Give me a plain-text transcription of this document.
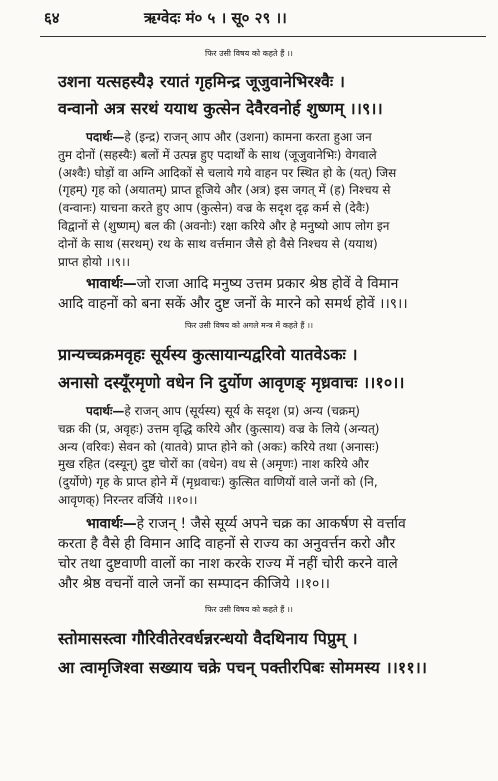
६४	ऋग्वेदः मं० ५ । सू० २९ ।।
फिर उसी विषय को कहते हैं ।।
उशना यत्सहस्यै३ रयातं गृहमिन्द्र जूजुवानेभिरश्वैः ।
वन्वानो अत्र सरथं ययाथ कुत्सेन देवैरवनोर्ह शुष्णम् ।।९।।
पदार्थः—हे (इन्द्र) राजन् आप और (उशना) कामना करता हुआ जन
तुम दोनों (सहस्यैः) बलों में उत्पन्न हुए पदार्थों के साथ (जूजुवानेभिः) वेगवाले
(अश्वैः) घोड़ों वा अग्नि आदिकों से चलाये गये वाहन पर स्थित हो के (यत्) जिस
(गृहम्) गृह को (अयातम्) प्राप्त हूजिये और (अत्र) इस जगत् में (ह) निश्चय से
(वन्वानः) याचना करते हुए आप (कुत्सेन) वज्र के सदृश दृढ़ कर्म से (देवैः)
विद्वानों से (शुष्णम्) बल की (अवनोः) रक्षा करिये और हे मनुष्यो आप लोग इन
दोनों के साथ (सरथम्) रथ के साथ वर्त्तमान जैसे हो वैसे निश्चय से (ययाथ)
प्राप्त होयो ।।९।।
भावार्थः—जो राजा आदि मनुष्य उत्तम प्रकार श्रेष्ठ होवें वे विमान
आदि वाहनों को बना सकें और दुष्ट जनों के मारने को समर्थ होवें ।।९।।
फिर उसी विषय को अगले मन्त्र में कहते हैं ।।
प्रान्यच्चक्रमवृहः सूर्यस्य कुत्सायान्यद्वरिवो यातवेऽकः ।
अनासो दस्यूँरमृणो वधेन नि दुर्योण आवृणङ् मृध्रवाचः ।।१०।।
पदार्थः—हे राजन् आप (सूर्यस्य) सूर्य के सदृश (प्र) अन्य (चक्रम्)
चक्र की (प्र, अवृहः) उत्तम वृद्धि करिये और (कुत्साय) वज्र के लिये (अन्यत्)
अन्य (वरिवः) सेवन को (यातवे) प्राप्त होने को (अकः) करिये तथा (अनासः)
मुख रहित (दस्यून्) दुष्ट चोरों का (वधेन) वध से (अमृणः) नाश करिये और
(दुर्योणे) गृह के प्राप्त होने में (मृध्रवाचः) कुत्सित वाणियों वाले जनों को (नि,
आवृणक्) निरन्तर वर्जिये ।।१०।।
भावार्थः—हे राजन् ! जैसे सूर्य्य अपने चक्र का आकर्षण से वर्त्ताव
करता है वैसे ही विमान आदि वाहनों से राज्य का अनुवर्त्तन करो और
चोर तथा दुष्टवाणी वालों का नाश करके राज्य में नहीं चोरी करने वाले
और श्रेष्ठ वचनों वाले जनों का सम्पादन कीजिये ।।१०।।
फिर उसी विषय को कहते हैं ।।
स्तोमासस्त्वा गौरिवीतेरवर्धन्नरन्धयो वैदथिनाय पिप्रुम् ।
आ त्वामृजिश्वा सख्याय चक्रे पचन् पक्तीरपिबः सोममस्य ।।११।।
